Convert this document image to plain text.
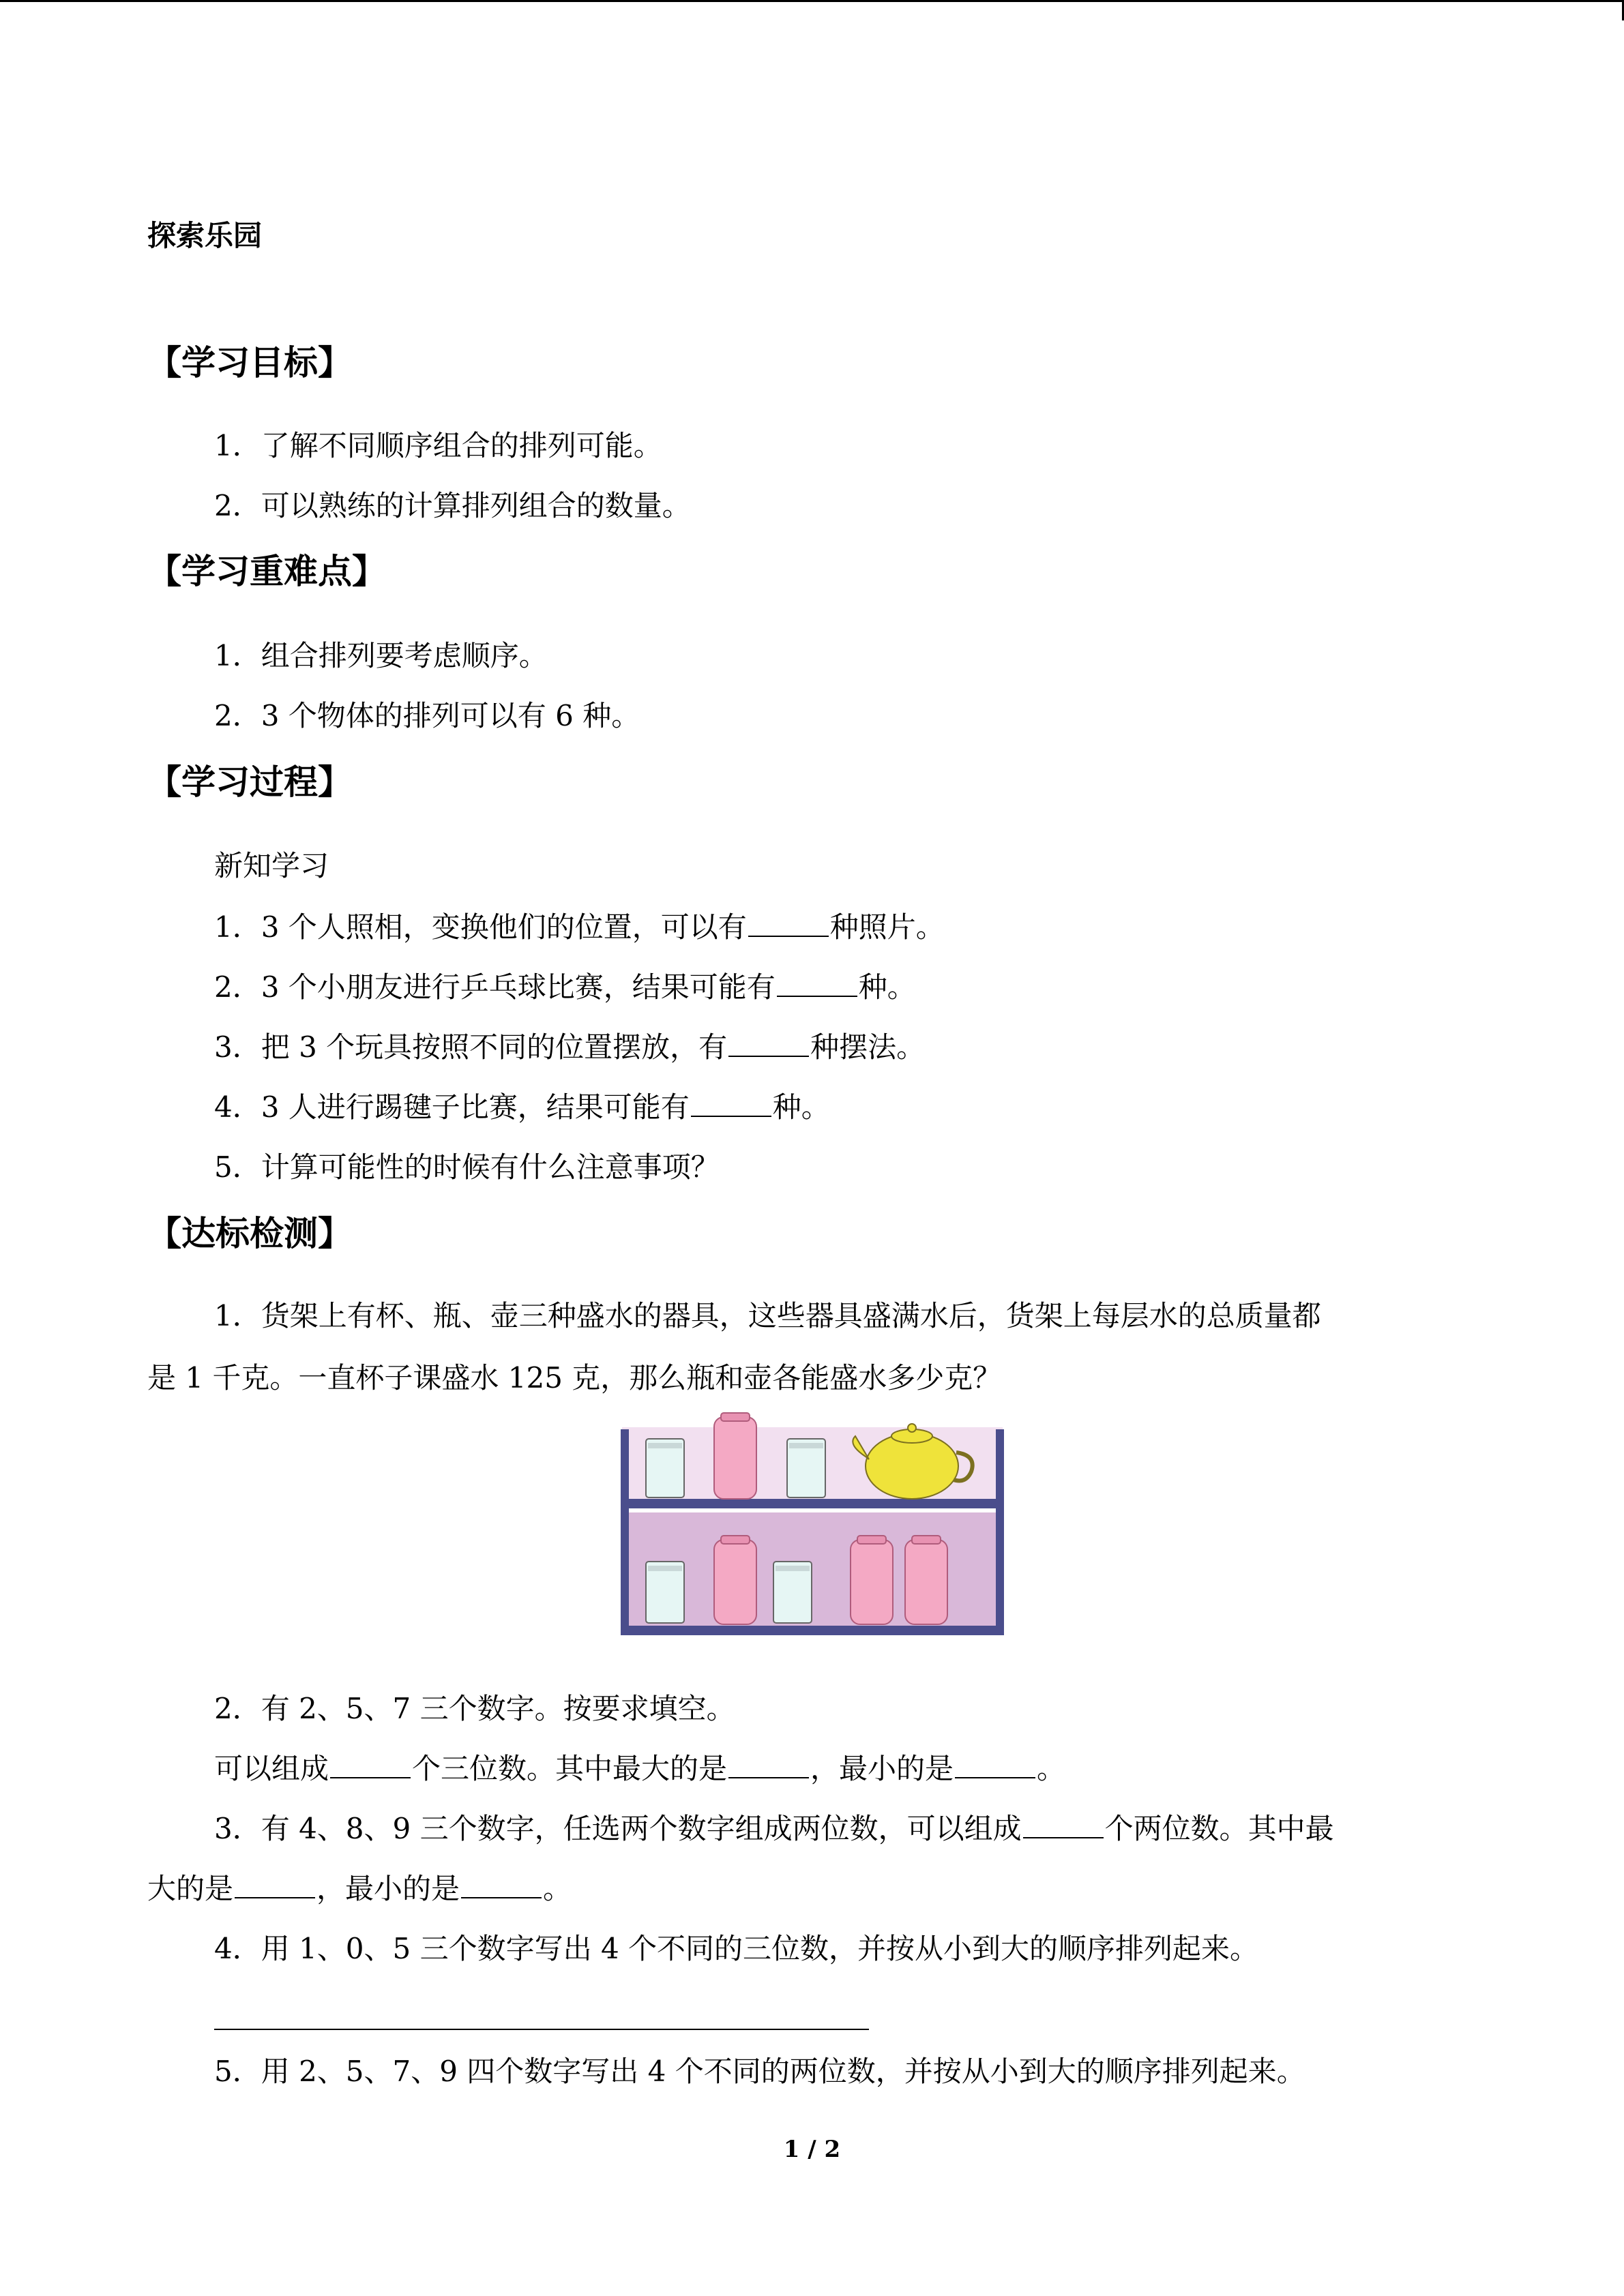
探索乐园
【学习目标】
1．了解不同顺序组合的排列可能。
2．可以熟练的计算排列组合的数量。
【学习重难点】
1．组合排列要考虑顺序。
2．3 个物体的排列可以有 6 种。
【学习过程】
新知学习
1．3 个人照相，变换他们的位置，可以有	种照片。
2．3 个小朋友进行乒乓球比赛，结果可能有	种。
3．把 3 个玩具按照不同的位置摆放，有	种摆法。
4．3 人进行踢毽子比赛，结果可能有	种。
5．计算可能性的时候有什么注意事项？
【达标检测】
1．货架上有杯、瓶、壶三种盛水的器具，这些器具盛满水后，货架上每层水的总质量都
是 1 千克。一直杯子课盛水 125 克，那么瓶和壶各能盛水多少克？
2．有 2、5、7 三个数字。按要求填空。
可以组成	个三位数。其中最大的是	，最小的是	。
3．有 4、8、9 三个数字，任选两个数字组成两位数，可以组成	个两位数。其中最
大的是	，最小的是	。
4．用 1、0、5 三个数字写出 4 个不同的三位数，并按从小到大的顺序排列起来。
5．用 2、5、7、9 四个数字写出 4 个不同的两位数，并按从小到大的顺序排列起来。
1 / 2
